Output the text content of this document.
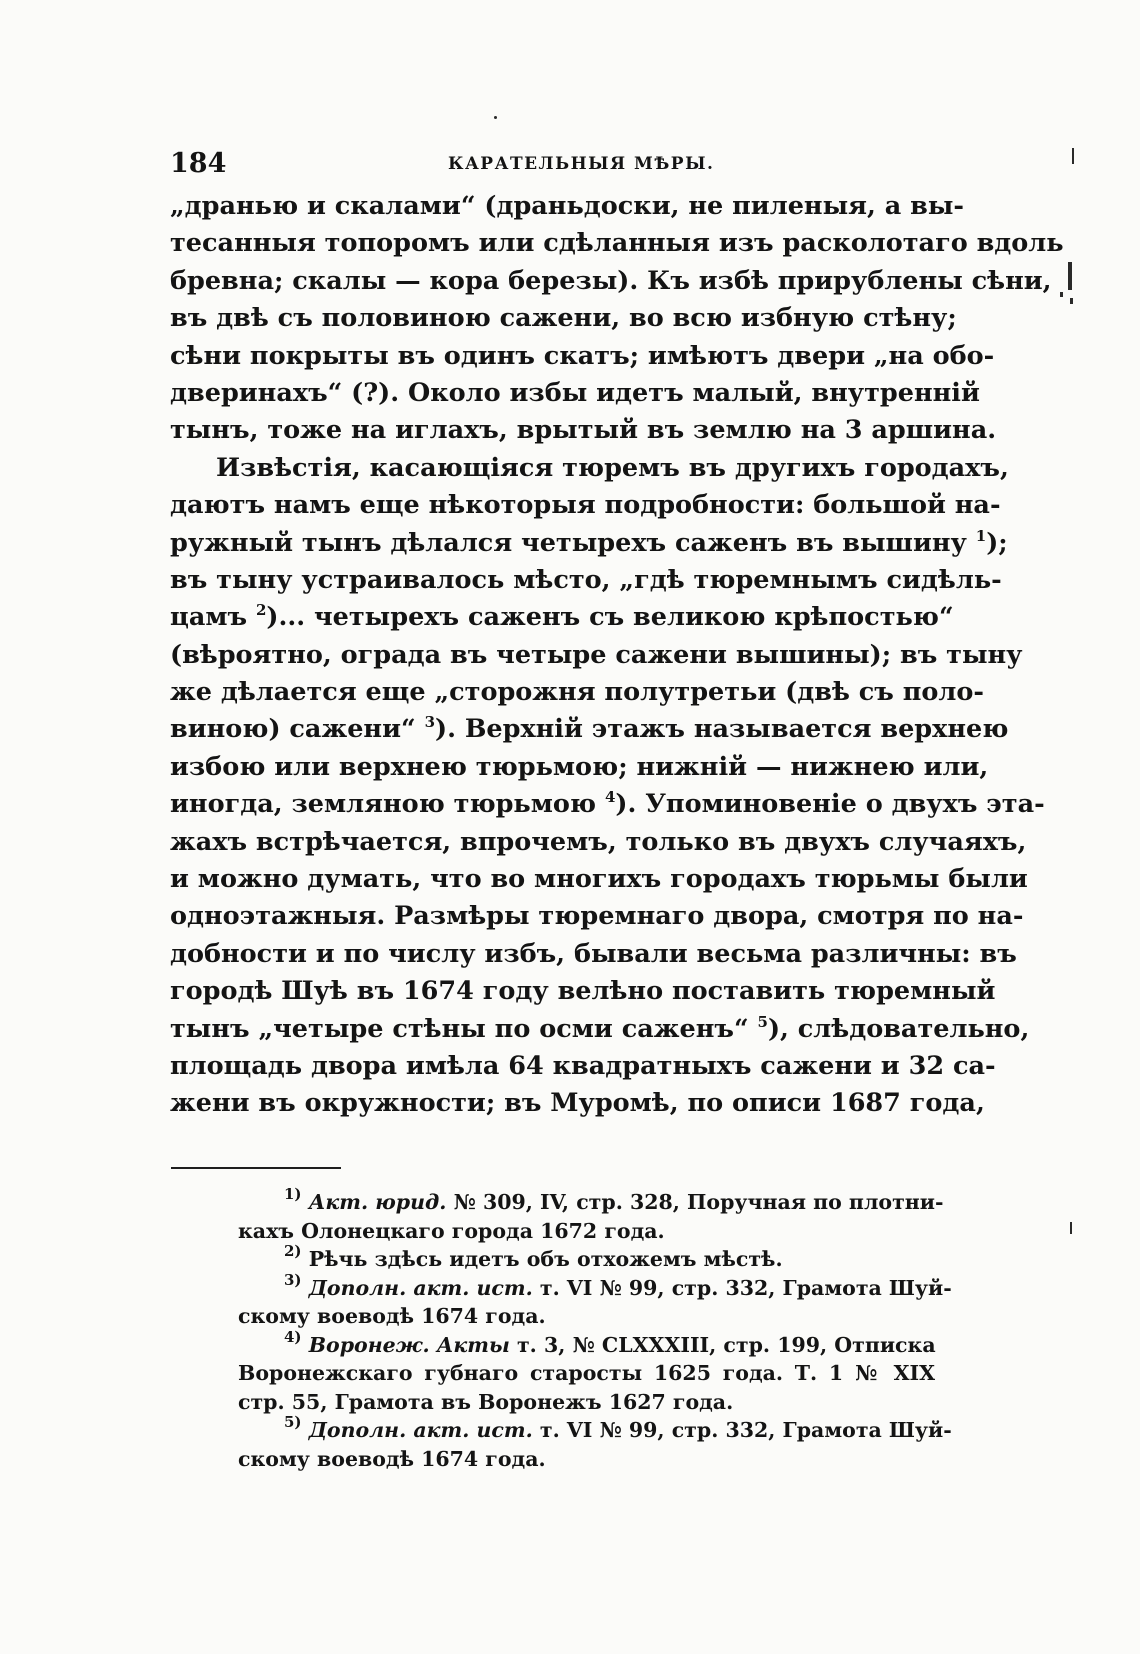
184	КАРАТЕЛЬНЫЯ МѢРЫ.
„дранью и скалами“ (драньдоски, не пиленыя, а вы-
тесанныя топоромъ или сдѣланныя изъ расколотаго вдоль
бревна; скалы — кора березы). Къ избѣ прирублены сѣни,
въ двѣ съ половиною сажени, во всю избную стѣну;
сѣни покрыты въ одинъ скатъ; имѣютъ двери „на обо-
дверинахъ“ (?). Около избы идетъ малый, внутренній
тынъ, тоже на иглахъ, врытый въ землю на 3 аршина.
Извѣстія, касающіяся тюремъ въ другихъ городахъ,
даютъ намъ еще нѣкоторыя подробности: большой на-
ружный тынъ дѣлался четырехъ саженъ въ вышину $^1$);
въ тыну устраивалось мѣсто, „гдѣ тюремнымъ сидѣль-
цамъ $^2$)... четырехъ саженъ съ великою крѣпостью“
(вѣроятно, ограда въ четыре сажени вышины); въ тыну
же дѣлается еще „сторожня полутретьи (двѣ съ поло-
виною) сажени“ $^3$). Верхній этажъ называется верхнею
избою или верхнею тюрьмою; нижній — нижнею или,
иногда, земляною тюрьмою $^4$). Упоминовеніе о двухъ эта-
жахъ встрѣчается, впрочемъ, только въ двухъ случаяхъ,
и можно думать, что во многихъ городахъ тюрьмы были
одноэтажныя. Размѣры тюремнаго двора, смотря по на-
добности и по числу избъ, бывали весьма различны: въ
городѣ Шуѣ въ 1674 году велѣно поставить тюремный
тынъ „четыре стѣны по осми саженъ“ $^5$), слѣдовательно,
площадь двора имѣла 64 квадратныхъ сажени и 32 са-
жени въ окружности; въ Муромѣ, по описи 1687 года,
$^{1)}$ Акт. юрид. № 309, IV, стр. 328, Поручная по плотни-
кахъ Олонецкаго города 1672 года.
$^{2)}$ Рѣчь здѣсь идетъ объ отхожемъ мѣстѣ.
$^{3)}$ Дополн. акт. ист. т. VI № 99, стр. 332, Грамота Шуй-
скому воеводѣ 1674 года.
$^{4)}$ Воронеж. Акты т. 3, № CLXXXIII, стр. 199, Отписка
Воронежскаго губнаго старосты 1625 года. Т. 1 № XIX
стр. 55, Грамота въ Воронежъ 1627 года.
$^{5)}$ Дополн. акт. ист. т. VI № 99, стр. 332, Грамота Шуй-
скому воеводѣ 1674 года.
